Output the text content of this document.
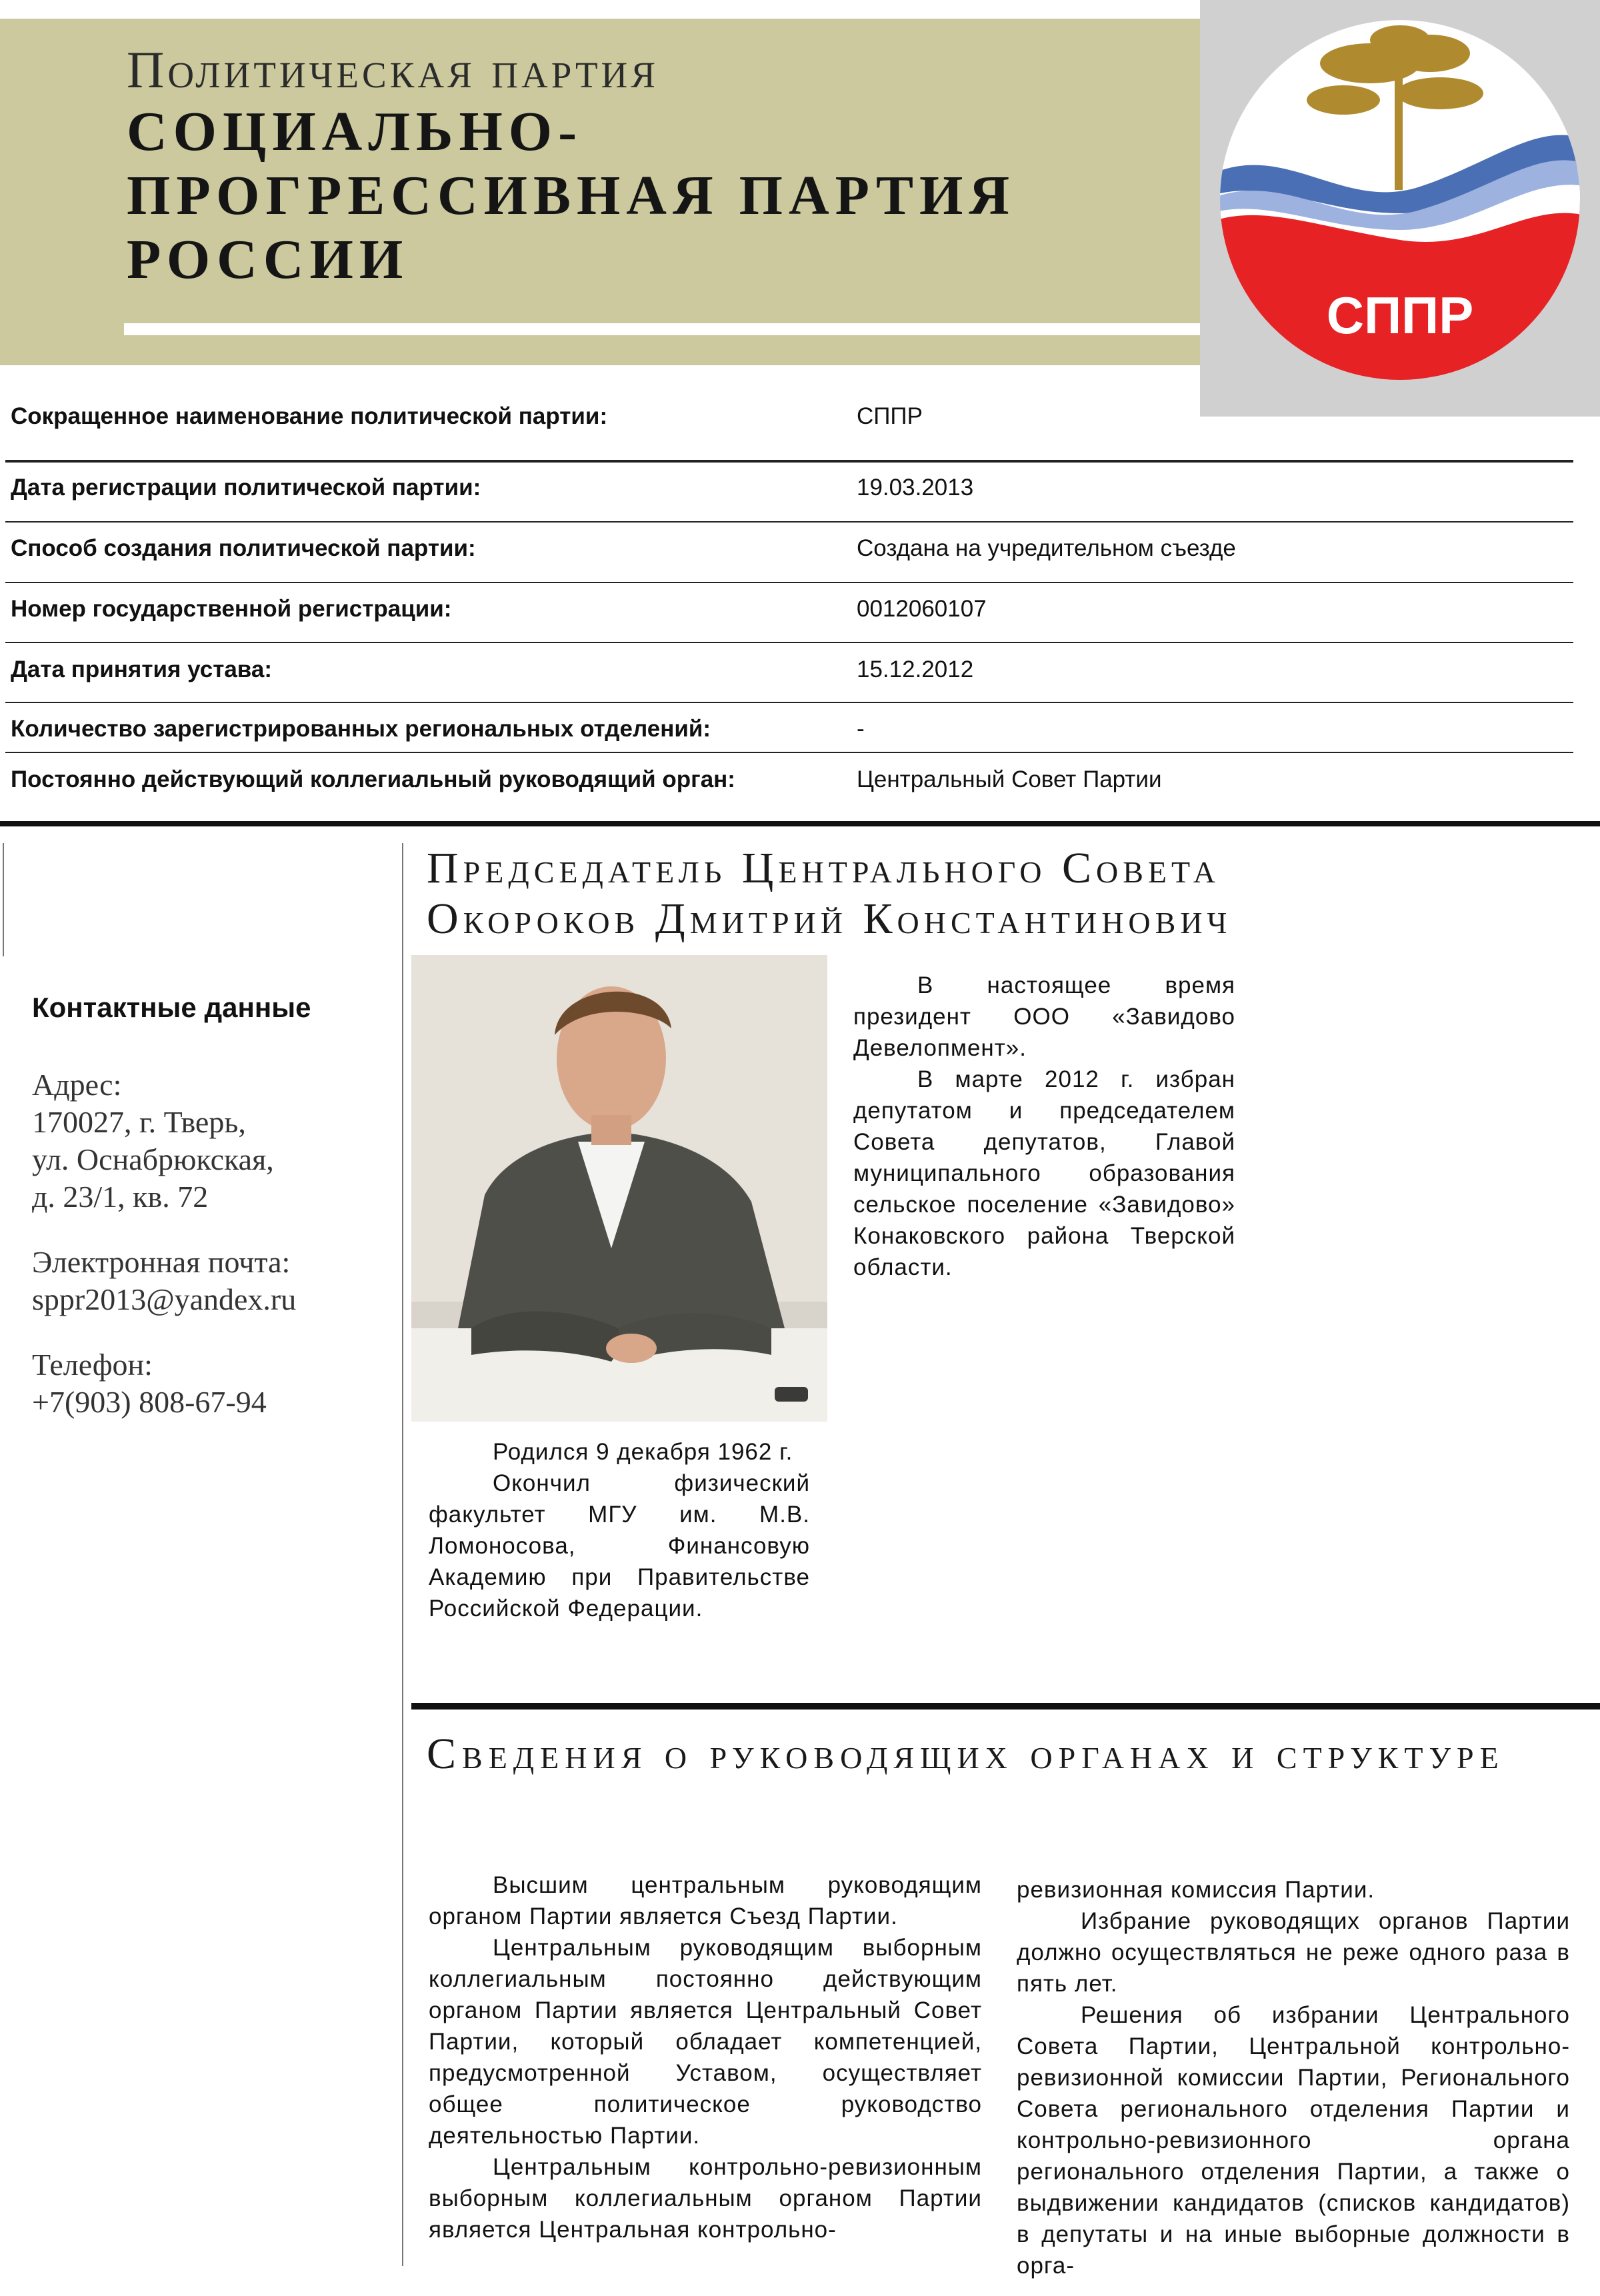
Политическая партия
СОЦИАЛЬНО-ПРОГРЕССИВНАЯ ПАРТИЯ РОССИИ
СППР
Сокращенное наименование политической партии:	СППР
Дата регистрации политической партии:	19.03.2013
Способ создания политической партии:	Создана на учредительном съезде
Номер государственной регистрации:	0012060107
Дата принятия устава:	15.12.2012
Количество зарегистрированных региональных отделений:	-
Постоянно действующий коллегиальный руководящий орган:	Центральный Совет Партии
Контактные данные
Адрес:
170027, г. Тверь,
ул. Оснабрюкская,
д. 23/1, кв. 72
Электронная почта:
sppr2013@yandex.ru
Телефон:
+7(903) 808-67-94
Председатель Центрального Совета
Окороков Дмитрий Константинович

В настоящее время президент ООО «Завидово Девелопмент».

В марте 2012 г. избран депутатом и председателем Совета депутатов, Главой муниципального образования сельское поселение «Завидово» Конаковского района Тверской области.

Родился 9 декабря 1962 г.

Окончил физический факультет МГУ им. М.В. Ломоносова, Финансовую Академию при Правительстве Российской Федерации.

Сведения о руководящих органах и структуре

Высшим центральным руководящим органом Партии является Съезд Партии.

Центральным руководящим выборным коллегиальным постоянно действующим органом Партии является Центральный Совет Партии, который обладает компетенцией, предусмотренной Уставом, осуществляет общее политическое руководство деятельностью Партии.

Центральным контрольно-ревизионным выборным коллегиальным органом Партии является Центральная контрольно-

ревизионная комиссия Партии.

Избрание руководящих органов Партии должно осуществляться не реже одного раза в пять лет.

Решения об избрании Центрального Совета Партии, Центральной контрольно-ревизионной комиссии Партии, Регионального Совета регионального отделения Партии и контрольно-ревизионного органа регионального отделения Партии, а также о выдвижении кандидатов (списков кандидатов) в депутаты и на иные выборные должности в орга-
